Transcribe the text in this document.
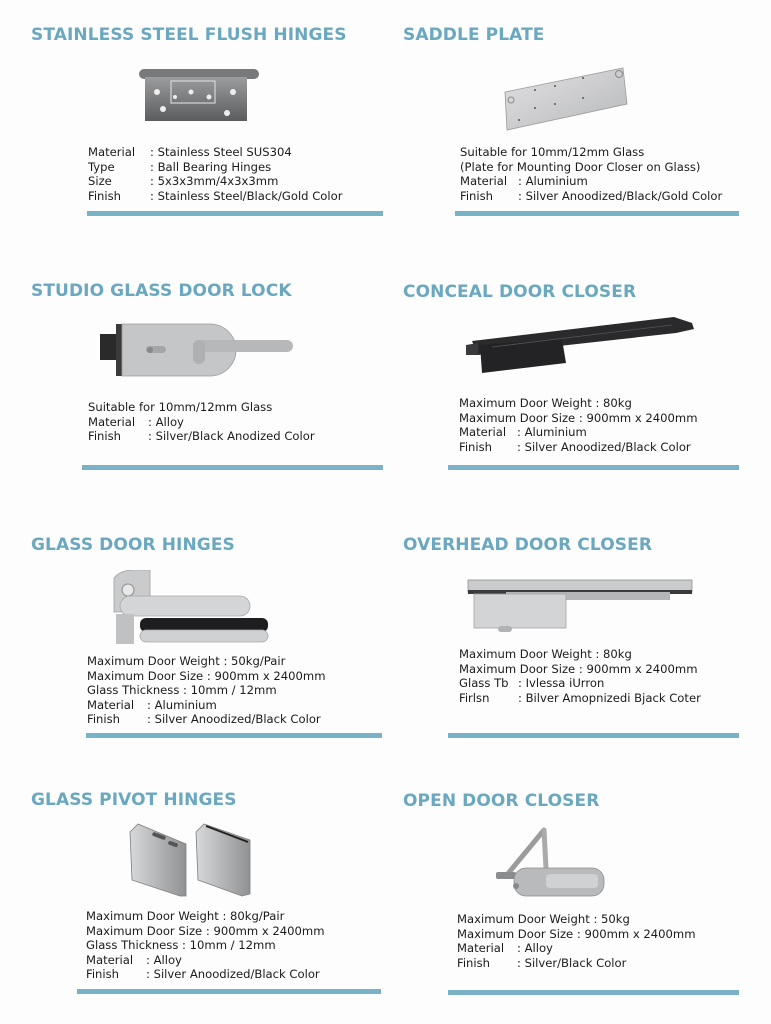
STAINLESS STEEL FLUSH HINGES
Material	: Stainless Steel SUS304
Type	: Ball Bearing Hinges
Size	: 5x3x3mm/4x3x3mm
Finish	: Stainless Steel/Black/Gold Color
SADDLE PLATE
Suitable for 10mm/12mm Glass
(Plate for Mounting Door Closer on Glass)
Material : Aluminium
Finish	: Silver Anoodized/Black/Gold Color
STUDIO GLASS DOOR LOCK
Suitable for 10mm/12mm Glass
Material	: Alloy
Finish	: Silver/Black Anodized Color
CONCEAL DOOR CLOSER
Maximum Door Weight : 80kg
Maximum Door Size : 900mm x 2400mm
Material : Aluminium
Finish	: Silver Anoodized/Black Color
GLASS DOOR HINGES
Maximum Door Weight : 50kg/Pair
Maximum Door Size : 900mm x 2400mm
Glass Thickness : 10mm / 12mm
Material	: Aluminium
Finish	: Silver Anoodized/Black Color
OVERHEAD DOOR CLOSER
Maximum Door Weight : 80kg
Maximum Door Size : 900mm x 2400mm
Glass Tb : Ivlessa iUrron
Firlsn	: Bilver Amopnizedi Bjack Coter
GLASS PIVOT HINGES
Maximum Door Weight : 80kg/Pair
Maximum Door Size : 900mm x 2400mm
Glass Thickness : 10mm / 12mm
Material	: Alloy
Finish	: Silver Anoodized/Black Color
OPEN DOOR CLOSER
Maximum Door Weight : 50kg
Maximum Door Size : 900mm x 2400mm
Material	: Alloy
Finish	: Silver/Black Color
